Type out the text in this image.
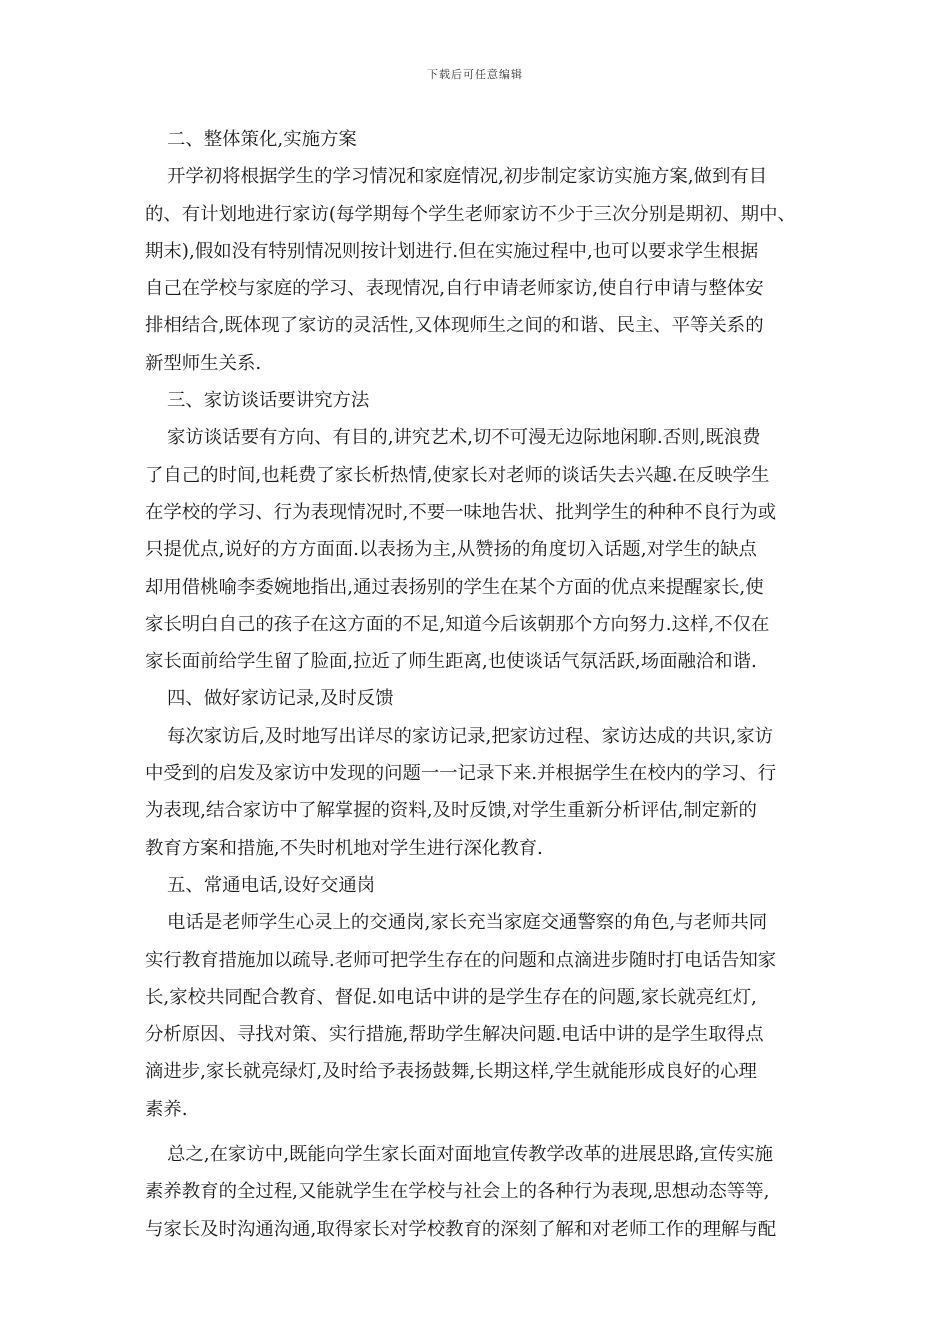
下载后可任意编辑
二、整体策化,实施方案
开学初将根据学生的学习情况和家庭情况,初步制定家访实施方案,做到有目
的、有计划地进行家访(每学期每个学生老师家访不少于三次分别是期初、期中、
期末),假如没有特别情况则按计划进行.但在实施过程中,也可以要求学生根据
自己在学校与家庭的学习、表现情况,自行申请老师家访,使自行申请与整体安
排相结合,既体现了家访的灵活性,又体现师生之间的和谐、民主、平等关系的
新型师生关系.
三、家访谈话要讲究方法
家访谈话要有方向、有目的,讲究艺术,切不可漫无边际地闲聊.否则,既浪费
了自己的时间,也耗费了家长析热情,使家长对老师的谈话失去兴趣.在反映学生
在学校的学习、行为表现情况时,不要一味地告状、批判学生的种种不良行为或
只提优点,说好的方方面面.以表扬为主,从赞扬的角度切入话题,对学生的缺点
却用借桃喻李委婉地指出,通过表扬别的学生在某个方面的优点来提醒家长,使
家长明白自己的孩子在这方面的不足,知道今后该朝那个方向努力.这样,不仅在
家长面前给学生留了脸面,拉近了师生距离,也使谈话气氛活跃,场面融洽和谐.
四、做好家访记录,及时反馈
每次家访后,及时地写出详尽的家访记录,把家访过程、家访达成的共识,家访
中受到的启发及家访中发现的问题一一记录下来.并根据学生在校内的学习、行
为表现,结合家访中了解掌握的资料,及时反馈,对学生重新分析评估,制定新的
教育方案和措施,不失时机地对学生进行深化教育.
五、常通电话,设好交通岗
电话是老师学生心灵上的交通岗,家长充当家庭交通警察的角色,与老师共同
实行教育措施加以疏导.老师可把学生存在的问题和点滴进步随时打电话告知家
长,家校共同配合教育、督促.如电话中讲的是学生存在的问题,家长就亮红灯,
分析原因、寻找对策、实行措施,帮助学生解决问题.电话中讲的是学生取得点
滴进步,家长就亮绿灯,及时给予表扬鼓舞,长期这样,学生就能形成良好的心理
素养.
总之,在家访中,既能向学生家长面对面地宣传教学改革的进展思路,宣传实施
素养教育的全过程,又能就学生在学校与社会上的各种行为表现,思想动态等等,
与家长及时沟通沟通,取得家长对学校教育的深刻了解和对老师工作的理解与配
